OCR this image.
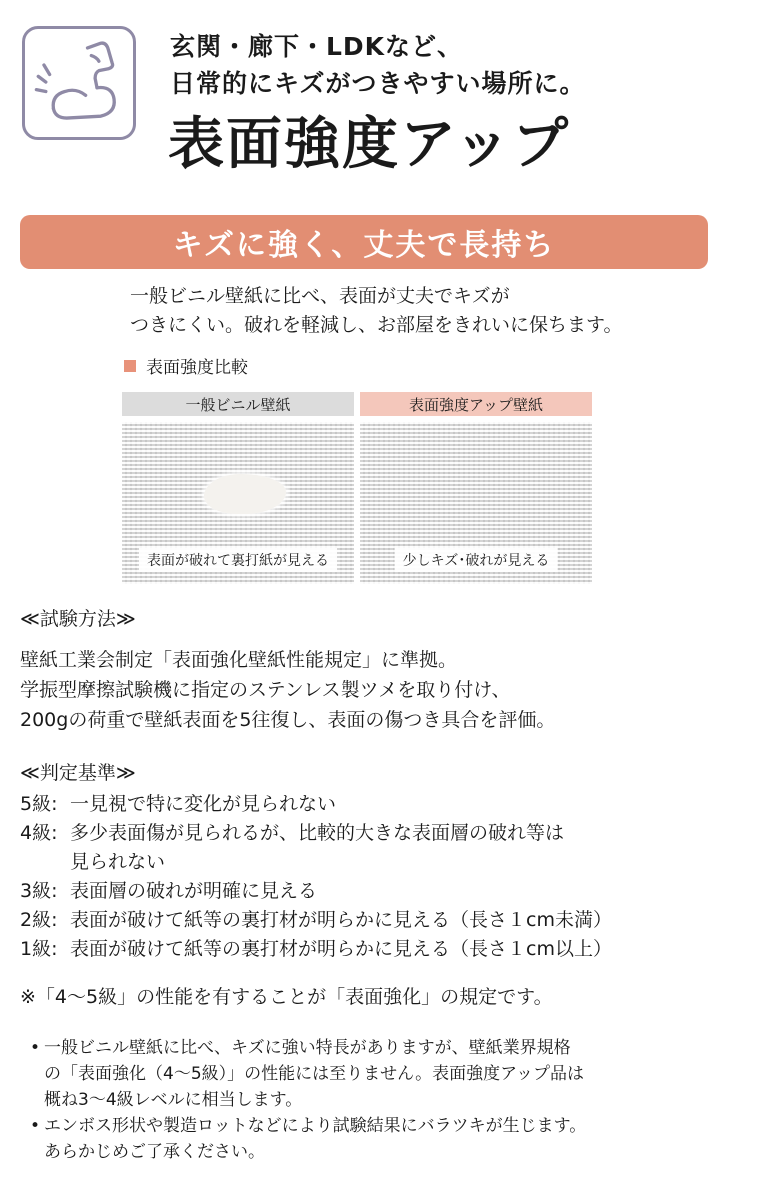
玄関・廊下・LDKなど、
日常的にキズがつきやすい場所に。
表面強度アップ
キズに強く、丈夫で長持ち
一般ビニル壁紙に比べ、表面が丈夫でキズが
つきにくい。破れを軽減し、お部屋をきれいに保ちます。
表面強度比較
一般ビニル壁紙
表面が破れて裏打紙が見える
表面強度アップ壁紙
少しキズ･破れが見える
≪試験方法≫
壁紙工業会制定「表面強化壁紙性能規定」に準拠。
学振型摩擦試験機に指定のステンレス製ツメを取り付け、
200gの荷重で壁紙表面を5往復し、表面の傷つき具合を評価。
≪判定基準≫
5級: 一見視で特に変化が見られない
4級: 多少表面傷が見られるが、比較的大きな表面層の破れ等は
見られない
3級: 表面層の破れが明確に見える
2級: 表面が破けて紙等の裏打材が明らかに見える（長さ１cm未満）
1級: 表面が破けて紙等の裏打材が明らかに見える（長さ１cm以上）
※「4～5級」の性能を有することが「表面強化」の規定です。
• 一般ビニル壁紙に比べ、キズに強い特長がありますが、壁紙業界規格
の「表面強化（4～5級）」の性能には至りません。表面強度アップ品は
概ね3～4級レベルに相当します。
• エンボス形状や製造ロットなどにより試験結果にバラツキが生じます。
あらかじめご了承ください。
